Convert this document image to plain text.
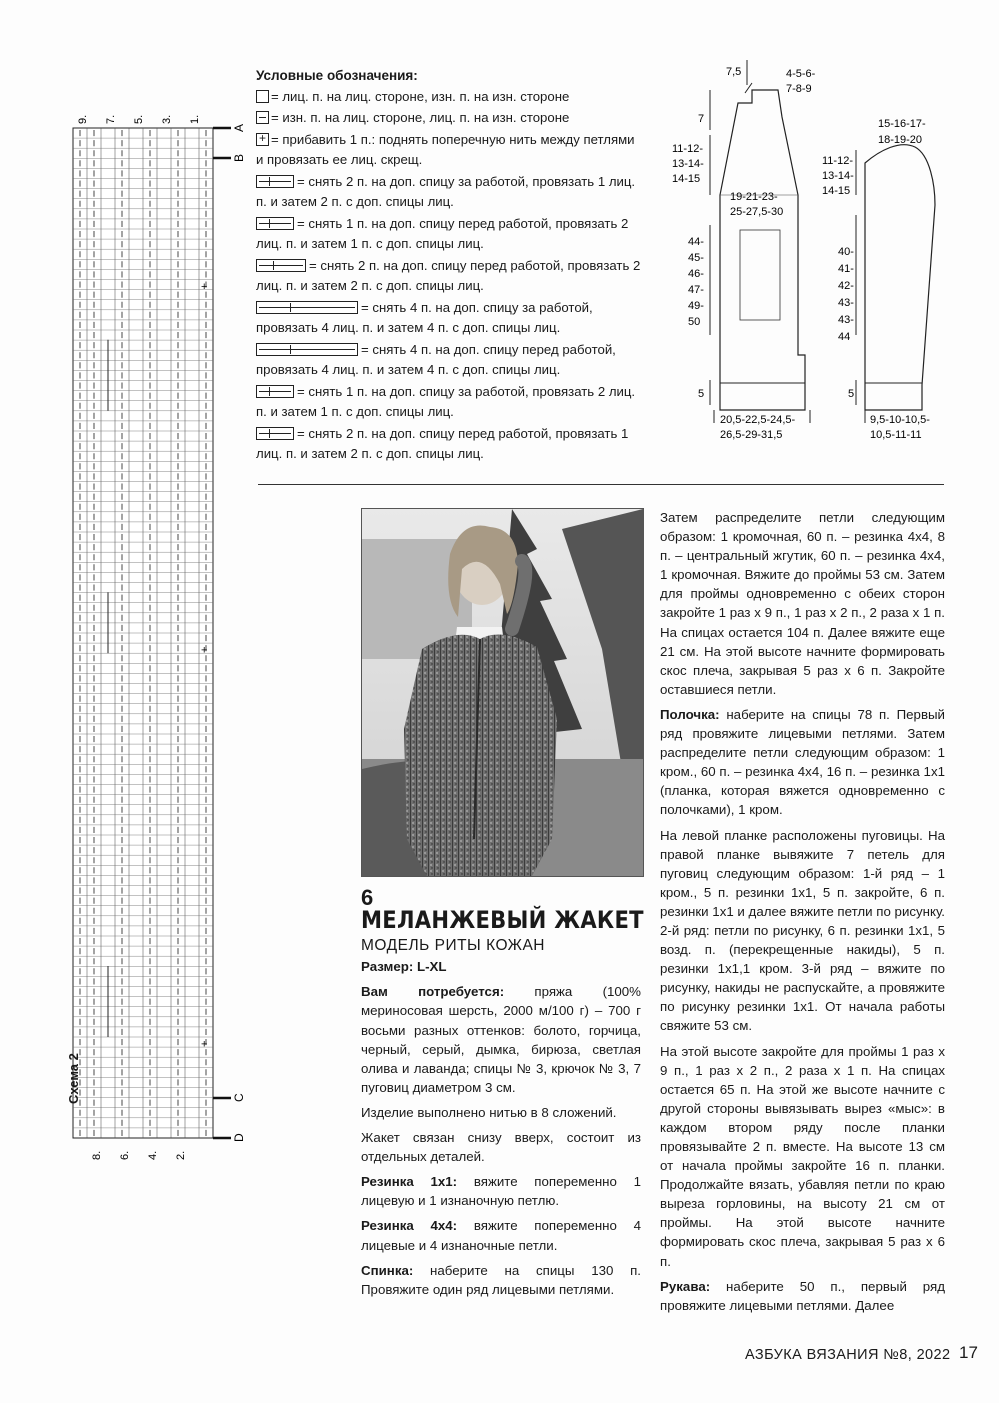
+
+
+
9. 7. 5. 3. 1.
8. 6. 4. 2.
A
B
C
D
Схема 2
Условные обозначения:

= лиц. п. на лиц. стороне, изн. п. на изн. стороне

= изн. п. на лиц. стороне, лиц. п. на изн. стороне

+= прибавить 1 п.: поднять поперечную нить между петлями и провязать ее лиц. скрещ.

= снять 2 п. на доп. спицу за работой, провязать 1 лиц. п. и затем 2 п. с доп. спицы лиц.

= снять 1 п. на доп. спицу перед работой, провязать 2 лиц. п. и затем 1 п. с доп. спицы лиц.

= снять 2 п. на доп. спицу перед работой, провязать 2 лиц. п. и затем 2 п. с доп. спицы лиц.

= снять 4 п. на доп. спицу за работой, провязать 4 лиц. п. и затем 4 п. с доп. спицы лиц.

= снять 4 п. на доп. спицу перед работой, провязать 4 лиц. п. и затем 4 п. с доп. спицы лиц.

= снять 1 п. на доп. спицу за работой, провязать 2 лиц. п. и затем 1 п. с доп. спицы лиц.

= снять 2 п. на доп. спицу перед работой, провязать 1 лиц. п. и затем 2 п. с доп. спицы лиц.

7,5	4-5-6-
7-8-9
7
11-12-
13-14-
14-15
19-21-23-
25-27,5-30
44-
45-
46-
47-
49-
50
5
20,5-22,5-24,5-
26,5-29-31,5
15-16-17-
18-19-20
11-12-
13-14-
14-15
40-
41-
42-
43-
43-
44
5
9,5-10-10,5-
10,5-11-11
6
МЕЛАНЖЕВЫЙ ЖАКЕТ
МОДЕЛЬ РИТЫ КОЖАН

Размер: L-XL

Вам потребуется: пряжа (100% мериносовая шерсть, 2000 м/100 г) – 700 г восьми разных оттенков: болото, горчица, черный, серый, дымка, бирюза, светлая олива и лаванда; спицы № 3, крючок № 3, 7 пуговиц диаметром 3 см.

Изделие выполнено нитью в 8 сложений.

Жакет связан снизу вверх, состоит из отдельных деталей.

Резинка 1х1: вяжите попеременно 1 лицевую и 1 изнаночную петлю.

Резинка 4х4: вяжите попеременно 4 лицевые и 4 изнаночные петли.

Спинка: наберите на спицы 130 п. Провяжите один ряд лицевыми петлями.

Затем распределите петли следующим образом: 1 кромочная, 60 п. – резинка 4х4, 8 п. – центральный жгутик, 60 п. – резинка 4х4, 1 кромочная. Вяжите до проймы 53 см. Затем для проймы одновременно с обеих сторон закройте 1 раз х 9 п., 1 раз х 2 п., 2 раза х 1 п. На спицах остается 104 п. Далее вяжите еще 21 см. На этой высоте начните формировать скос плеча, закрывая 5 раз х 6 п. Закройте оставшиеся петли.

Полочка: наберите на спицы 78 п. Первый ряд провяжите лицевыми петлями. Затем распределите петли следующим образом: 1 кром., 60 п. – резинка 4х4, 16 п. – резинка 1х1 (планка, которая вяжется одновременно с полочками), 1 кром.

На левой планке расположены пуговицы. На правой планке вывяжите 7 петель для пуговиц следующим образом: 1-й ряд – 1 кром., 5 п. резинки 1х1, 5 п. закройте, 6 п. резинки 1х1 и далее вяжите петли по рисунку. 2-й ряд: петли по рисунку, 6 п. резинки 1х1, 5 возд. п. (перекрещенные накиды), 5 п. резинки 1х1,1 кром. 3-й ряд – вяжите по рисунку, накиды не распускайте, а провяжите по рисунку резинки 1х1. От начала работы свяжите 53 см.

На этой высоте закройте для проймы 1 раз х 9 п., 1 раз х 2 п., 2 раза х 1 п. На спицах остается 65 п. На этой же высоте начните с другой стороны вывязывать вырез «мыс»: в каждом втором ряду после планки провязывайте 2 п. вместе. На высоте 13 см от начала проймы закройте 16 п. планки. Продолжайте вязать, убавляя петли по краю выреза горловины, на высоту 21 см от проймы. На этой высоте начните формировать скос плеча, закрывая 5 раз х 6 п.

Рукава: наберите 50 п., первый ряд провяжите лицевыми петлями. Далее

АЗБУКА ВЯЗАНИЯ №8, 2022 17
